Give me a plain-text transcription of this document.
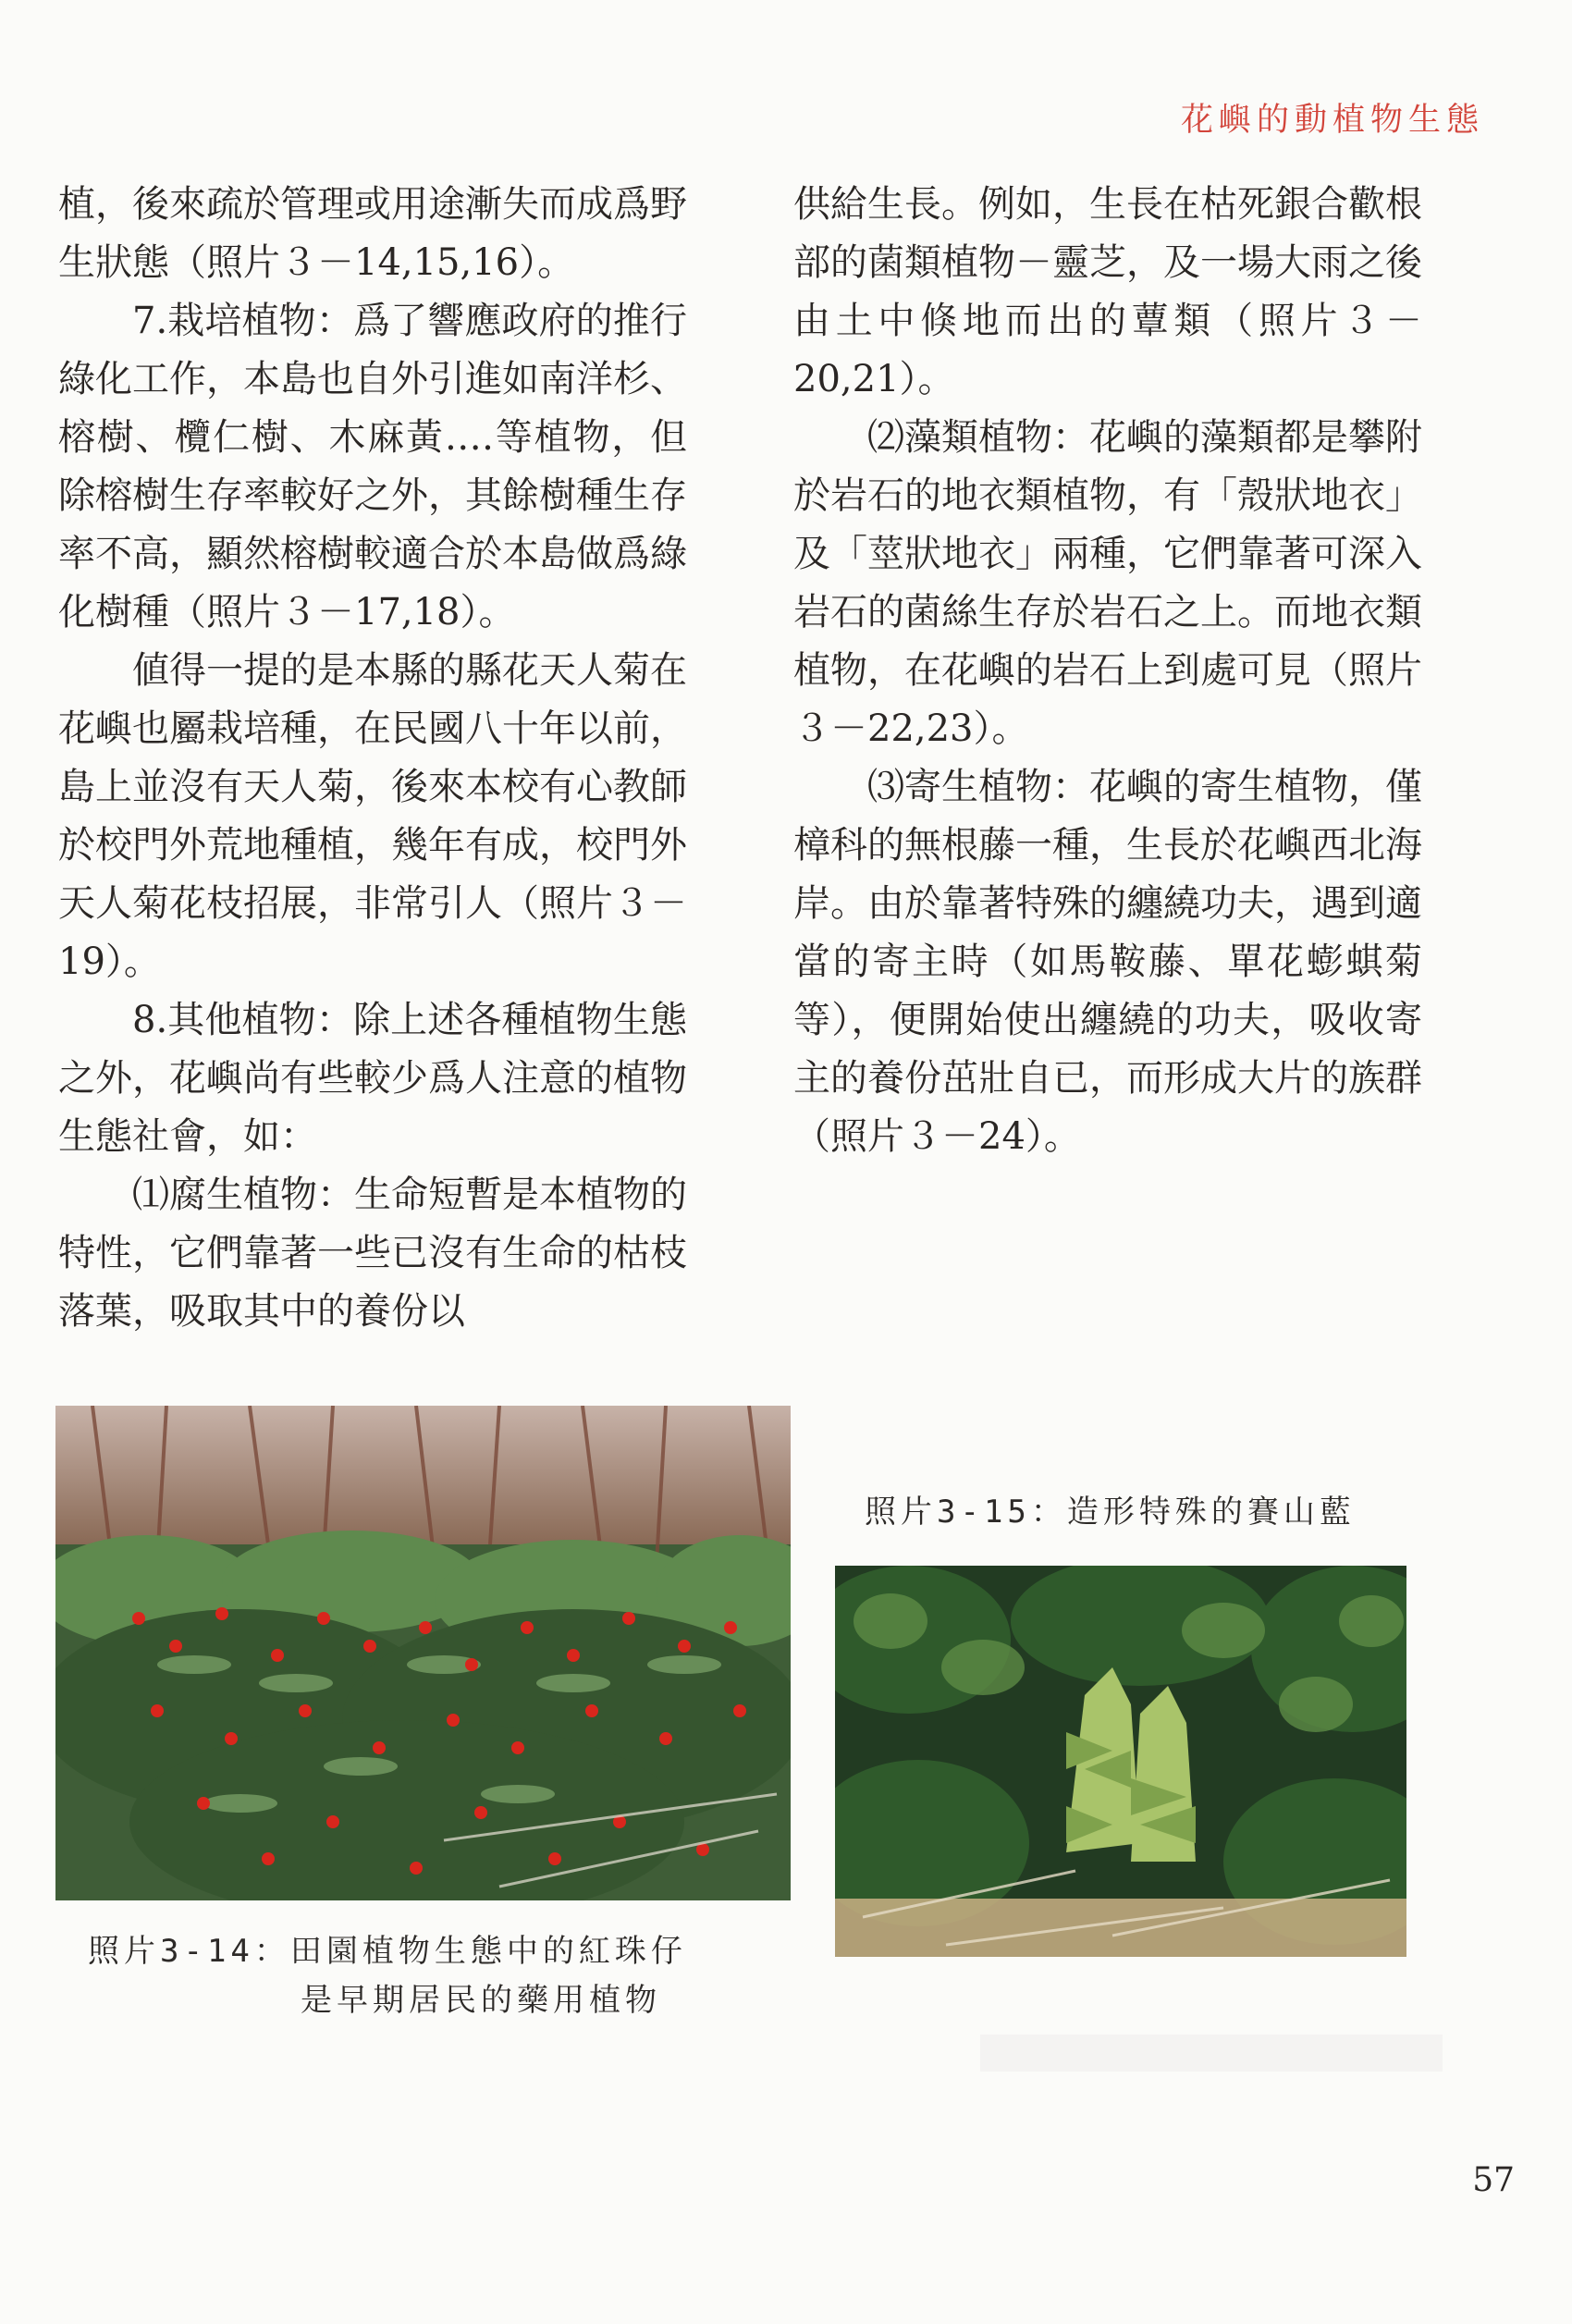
花嶼的動植物生態

植，後來疏於管理或用途漸失而成爲野生狀態（照片３－14,15,16）。

7.栽培植物：爲了響應政府的推行綠化工作，本島也自外引進如南洋杉、榕樹、欖仁樹、木麻黃‥‥等植物，但除榕樹生存率較好之外，其餘樹種生存率不高，顯然榕樹較適合於本島做爲綠化樹種（照片３－17,18）。

値得一提的是本縣的縣花天人菊在花嶼也屬栽培種，在民國八十年以前，島上並沒有天人菊，後來本校有心教師於校門外荒地種植，幾年有成，校門外天人菊花枝招展，非常引人（照片３－19）。

8.其他植物：除上述各種植物生態之外，花嶼尚有些較少爲人注意的植物生態社會，如：

⑴腐生植物：生命短暫是本植物的特性，它們靠著一些已沒有生命的枯枝落葉，吸取其中的養份以

供給生長。例如，生長在枯死銀合歡根部的菌類植物－靈芝，及一場大雨之後由土中倏地而出的蕈類（照片３－20,21）。

⑵藻類植物：花嶼的藻類都是攀附於岩石的地衣類植物，有「殼狀地衣」及「莖狀地衣」兩種，它們靠著可深入岩石的菌絲生存於岩石之上。而地衣類植物，在花嶼的岩石上到處可見（照片３－22,23）。

⑶寄生植物：花嶼的寄生植物，僅樟科的無根藤一種，生長於花嶼西北海岸。由於靠著特殊的纏繞功夫，遇到適當的寄主時（如馬鞍藤、單花蟛蜞菊等），便開始使出纏繞的功夫，吸收寄主的養份茁壯自已，而形成大片的族群（照片３－24）。

照片3-14：田園植物生態中的紅珠仔
是早期居民的藥用植物
照片3-15：造形特殊的賽山藍
57
